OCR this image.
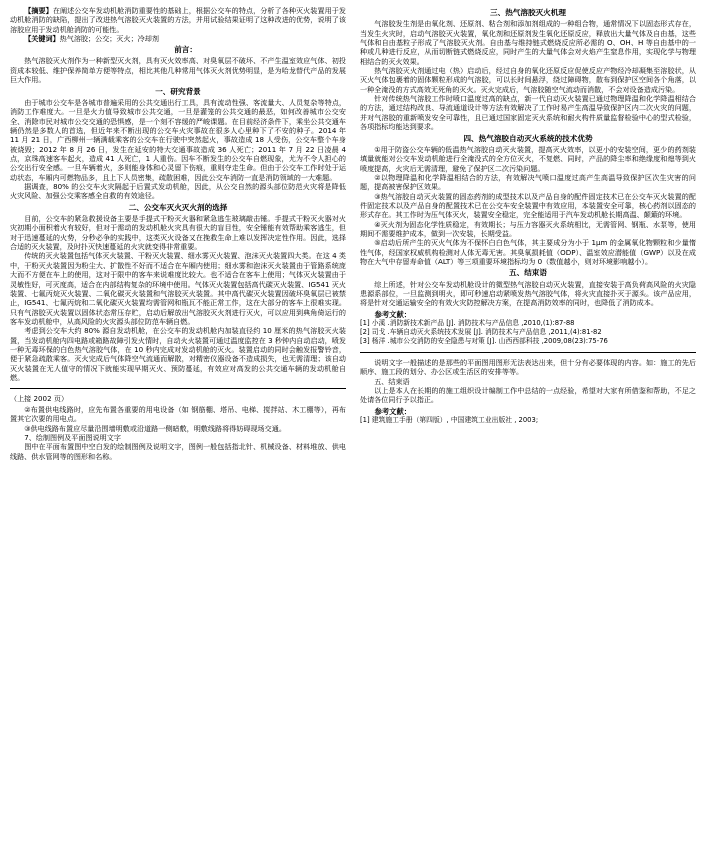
【摘要】在阐述公交车发动机舱消防重要性的基础上，根据公交车的特点，分析了各种灭火装置用于发动机舱消防的缺陷，提出了改进热气溶胶灭火装置的方法，并用试验结果证明了这种改进的优势，说明了该溶胶应用于发动机舱消防的可能性。

【关键词】热气溶胶；公交；灭火；冷却剂

前言：

热气溶胶灭火剂作为一种新型灭火剂，具有灭火效率高、对臭氧层不破坏、不产生温室效应气体、初投资成本较低、维护保养简单方便等特点，相比其他几种常用气体灭火剂优势明显，是为哈龙替代产品的发展巨大作用。

一、研究背景

由于城市公交车是各城市普遍采用的公共交通出行工具，具有流动性强、客流量大、人员复杂等特点，消防工作难度大。一旦是火力值导致城市公共交通，一旦是灌笼的公共交通的最恶，如何改善城市公交安全、消除市民对城市公交交通的恐惧感，是一个刻不容缓的严峻课题。在目前经济条件下，乘坐公共交通车辆仍然是多数人的首选，但近年来不断出现的公交车火灾事故在很多人心里种下了不安的种子。2014 年 11 月 21 日，广西柳州一辆满载乘客的公交车在行驶中突然起火，事故造成 18 人受伤，公交车整个车身被烧毁；2012 年 8 月 26 日，发生在延安的特大交通事故造成 36 人死亡；2011 年 7 月 22 日凌晨 4 点，京珠高速客车起火，造成 41 人死亡，1 人重伤。因车不断发生的公交车自燃现象，尤为不令人担心的公交出行安全感。一旦车辆着火，多则能身体和心灵留下伤痕，重则夺走生命。但由于公交车工作时处于运动状态，车厢内可燃物品多，且上下人员密集，疏散困难，因此公交车消防一直是消防领域的一大难题。

据调查，80% 的公交车火灾隔起于后置式发动机舱，因此，从公交自然的源头部位防范火灾将是降低火灾风险、加强公交乘客感全自救的有效途径。

二、公交车灭火灭火剂的选择

目前，公交车的紧急救援设备主要是手提式干粉灭火器和紧急逃生玻璃敲击锤。手提式干粉灭火器对火灾初期小面积着火有较好，但对于需动的发动机舱火灾具有很大的盲目性，安全锤能有效帮助乘客逃生，但对于迅速蔓延的火势，分秒必争的实践中，这类灭火设备又在挽救生命上难以发挥决定性作用。因此，选择合适的灭火装置，及时扑灭快速蔓延的火灾就变得非常重要。

传统的灭火装置包括气体灭火装置、干粉灭火装置、细水雾灭火装置、泡沫灭火装置四大类。在这 4 类中，干粉灭火装置因为粉尘大、扩散性不好而不适合在车厢内使用；细水雾和泡沫灭火装置由于管路系统庞大而不方便在车上的使用，这对于限中的客车来说难度比较大。也不适合在客车上使用；气体灭火装置由于灵敏性好，可灭度高，适合在内部结构复杂的环境中使用。气体灭火装置包括高代碳灭火装置、IG541 灭火装置、七氟丙烷灭火装置、二氧化碳灭火装置和气溶胶灭火装置。其中高代碳灭火装置因破坏臭氧层已被禁止，IG541、七氟丙烷和二氧化碳灭火装置均需管网和瓶瓦不能正常工作，这在大部分的客车上很难实现。只有气溶胶灭火装置以固体状态常压存贮，启动后解放出气溶胶灭火剂进行灭火，可以应用到典角倚运行的客车发动机舱中，从高风险的火灾源头部位防范车辆自燃。

考虑到公交车大约 80% 源自发动机舱，在公交车的发动机舱内加装直径约 10 厘米的热气溶胶灭火装置，当发动机舱内四电路或箱路故障引发火情时，自动火火装置可通过温度监控在 3 秒钟内自动启动，喷发一种无毒环保的白色热气溶胶气体，在 10 秒内完成对发动机舱的灭火。装置启动的同时会触发报警铃音，便于紧急疏散乘客。灭火完成后气体降空气流通而解散，对精密仪器设备不造成损失，也无需清理；该自动灭火装置在无人值守的情况下就能实现早期灭火、预防蔓延，有效应对高发的公共交通车辆的发动机舱自燃。

（上接 2002 页）

②布置供电线路时，应先布置各重要的用电设备（如 钢筋棚、塔吊、电梯、搅拌站、木工棚等），再布置其它次要的用电点。

③供电线路布置应尽量沿围墙明敷或沿道路一侧暗敷，明敷线路将得妨碍现场交通。

7、绘制图例及平面图说明文字

图中在平面布置图中空白发的绘制图例及说明文字，图例一般包括指北针、机械设备、材料堆放、供电线路、供水管网等的图形和名称。

三、热气溶胶灭火机理

气溶胶发生剂是由氧化剂、还原剂、粘合剂和添加剂组成的一种组合物，通常情况下以固态形式存在，当发生火灾时，启动气溶胶灭火装置，氧化剂和还原剂发生氧化还原反应，释放出大量气体及自由基，这些气体和自由基粒子形成了气溶胶灭火剂。自由基与维持链式燃烧反应所必需的 O、OH、H 等自由基中的一种或几种进行反应，从而切断链式燃烧反应，同时产生的大量气体会对火焰产生窒息作用，实现化学与物理相结合的灭火效果。

热气溶胶灭火剂通过电（热）启动后，经过自身的氧化还原反应促使反应产物经冷却凝集至溶胶状，从灭火气体包裹着的固体颗粒形成的气溶胶，可以长时间悬浮，绕过障碍物，散布到保护区空间各个角落，以一种全淹没的方式高效无死角的灭火。灭火完成后，气溶胶随空气流动而消散，不会对设备造成污染。

针对传统热气溶胶工作时喷口温度过高的缺点，新一代自动灭火装置已通过物理降温和化学降温相结合的方法，通过结构改良、导流通道设计等方法有效解决了工作时易产生高温导致保护区内二次火灾的问题，并对气溶胶的重新喷发安全可靠性，且已通过国家固定灭火系统和耐火构件质量监督检验中心的型式检验，各项指标均能达到要求。

四、热气溶胶自动灭火系统的技术优势

①用于防盗公交车辆的低温热气溶胶自动灭火装置，提高灭火效率，以更小的安装空间，更少的药剂装填量就能对公交车发动机舱进行全淹没式的全方位灭火，不复燃、同时，产品的降尘率和绝缘度和熄等到火喷度提高，火灾后无需清理，避免了保护区二次污染问题。

②以物理降温和化学降温相结合的方法，有效解决气喷口温度过高产生高温导致保护区次生灾害的问题，提高被害保护区效果。

③热气溶胶自动灭火装置的固态药剂的成型技术以及产品自身的配件固定技术已在公交车灭火装置的配件固定技术以及产品自身的配置技术已在公交车安全装置中有效应用，本装置安全可靠，核心药剂以固态的形式存在。其工作时为压气体灭火，装置安全稳定，完全能适用于汽车发动机舱长期高温、颠簸的环境。

④灭火剂为固态化学性质稳定，有效期长；与压力容器灭火系统相比，无需管网、钢瓶、水泵等，使用期间不需要维护成本，做到一次安装，长期受益。

⑤启动后所产生的灭火气体为不保怀白白色气体，其主要成分为小于 1μm 的金属氧化物颗粒和少量惰性气体，经国家权威机构检测对人体无毒无害。其臭氧损耗值（ODP）、温室效应潜能值（GWP）以及在成物在大气中存留寿命值（ALT）等三项重要环境指标均为 0（数值越小，则对环境影响越小）。

五、结束语

综上所述，针对公交车发动机舱设计的微型热气溶胶自动灭火装置，直接安装于高负荷高风险的火灾隐患源系部位，一旦监测到明火，即可秒速启动紧喷发热气溶胶气体，将火灾直接扑灭于源头。该产品应用，将是针对交通运输安全的有效火灾防控解决方案，在提高消防效率的同时，也降低了消防成本。

参考文献：

[1] 小溪 .消防新技术新产品 [J]. 消防技术与产品信息 ,2010,(1):87-88

[2] 司戈 .车辆自动灭火系统技术发展 [J]. 消防技术与产品信息 ,2011,(4):81-82

[3] 杨洋 .城市公交消防的安全隐患与对策 [J]. 山西西部科技 ,2009,08(23):75-76

说明文字一般描述的是那些的平面图用图形无法表达出来，但十分有必要体现的内容。如：施工的先后顺序、施工段的划分、办公区或生活区的安排等等。

五、结束语

以上是本人在长期的的施工组织设计编制工作中总结的一点经验，希望对大家有所借鉴和帮助，不足之处请各位同行予以指正。

参考文献：

[1] 建筑施工手册（第四版）, 中国建筑工业出版社 , 2003;
